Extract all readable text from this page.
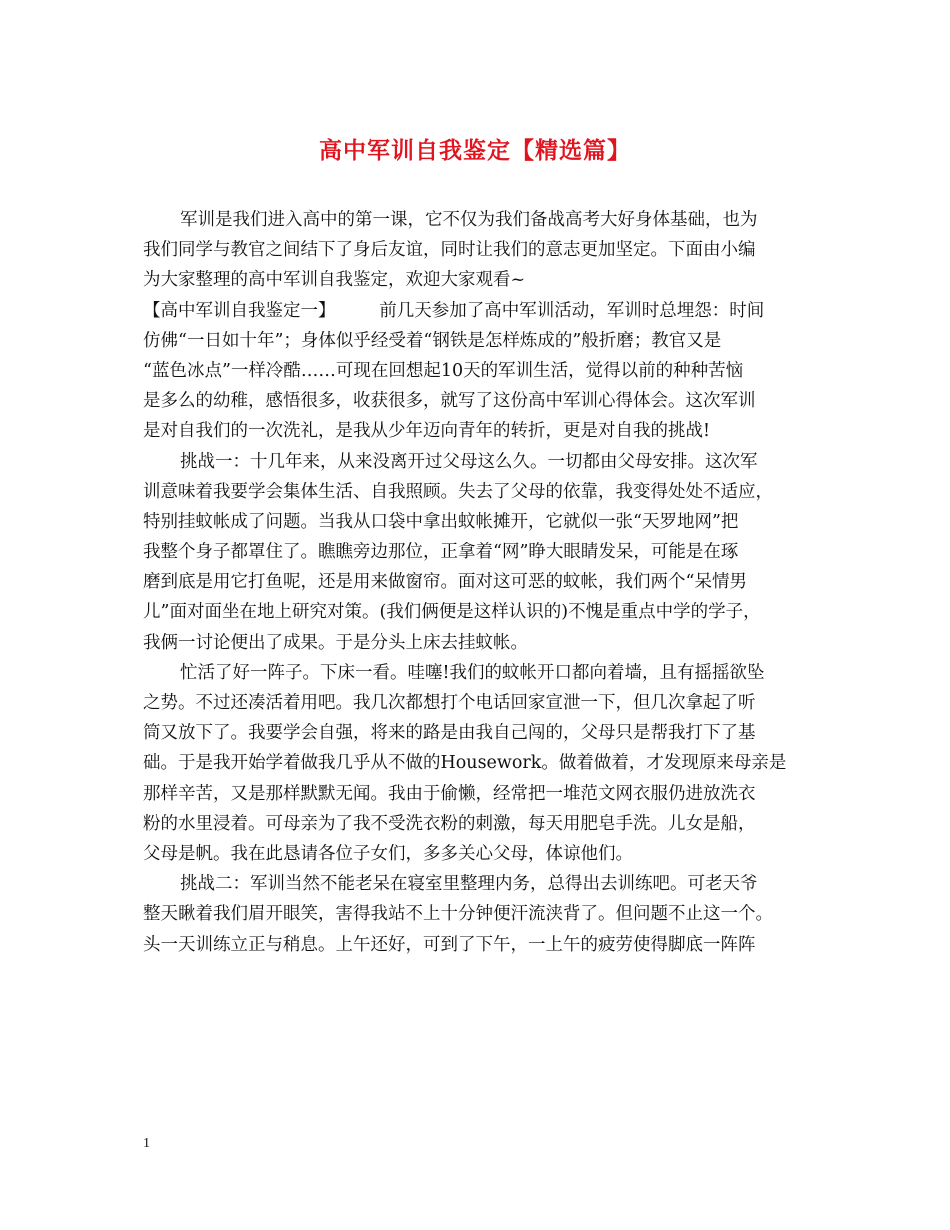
高中军训自我鉴定【精选篇】
军训是我们进入高中的第一课，它不仅为我们备战高考大好身体基础，也为
我们同学与教官之间结下了身后友谊，同时让我们的意志更加坚定。下面由小编
为大家整理的高中军训自我鉴定，欢迎大家观看~
【高中军训自我鉴定一】　　　前几天参加了高中军训活动，军训时总埋怨：时间
仿佛“一日如十年”；身体似乎经受着“钢铁是怎样炼成的”般折磨；教官又是
“蓝色冰点”一样冷酷……可现在回想起10天的军训生活，觉得以前的种种苦恼
是多么的幼稚，感悟很多，收获很多，就写了这份高中军训心得体会。这次军训
是对自我们的一次洗礼，是我从少年迈向青年的转折，更是对自我的挑战!
挑战一：十几年来，从来没离开过父母这么久。一切都由父母安排。这次军
训意味着我要学会集体生活、自我照顾。失去了父母的依靠，我变得处处不适应，
特别挂蚊帐成了问题。当我从口袋中拿出蚊帐摊开，它就似一张“天罗地网”把
我整个身子都罩住了。瞧瞧旁边那位，正拿着“网”睁大眼睛发呆，可能是在琢
磨到底是用它打鱼呢，还是用来做窗帘。面对这可恶的蚊帐，我们两个“呆情男
儿”面对面坐在地上研究对策。(我们俩便是这样认识的)不愧是重点中学的学子，
我俩一讨论便出了成果。于是分头上床去挂蚊帐。
忙活了好一阵子。下床一看。哇噻!我们的蚊帐开口都向着墙，且有摇摇欲坠
之势。不过还凑活着用吧。我几次都想打个电话回家宣泄一下，但几次拿起了听
筒又放下了。我要学会自强，将来的路是由我自己闯的，父母只是帮我打下了基
础。于是我开始学着做我几乎从不做的Housework。做着做着，才发现原来母亲是
那样辛苦，又是那样默默无闻。我由于偷懒，经常把一堆范文网衣服仍进放洗衣
粉的水里浸着。可母亲为了我不受洗衣粉的刺激，每天用肥皂手洗。儿女是船，
父母是帆。我在此恳请各位子女们，多多关心父母，体谅他们。
挑战二：军训当然不能老呆在寝室里整理内务，总得出去训练吧。可老天爷
整天瞅着我们眉开眼笑，害得我站不上十分钟便汗流浃背了。但问题不止这一个。
头一天训练立正与稍息。上午还好，可到了下午，一上午的疲劳使得脚底一阵阵
1
